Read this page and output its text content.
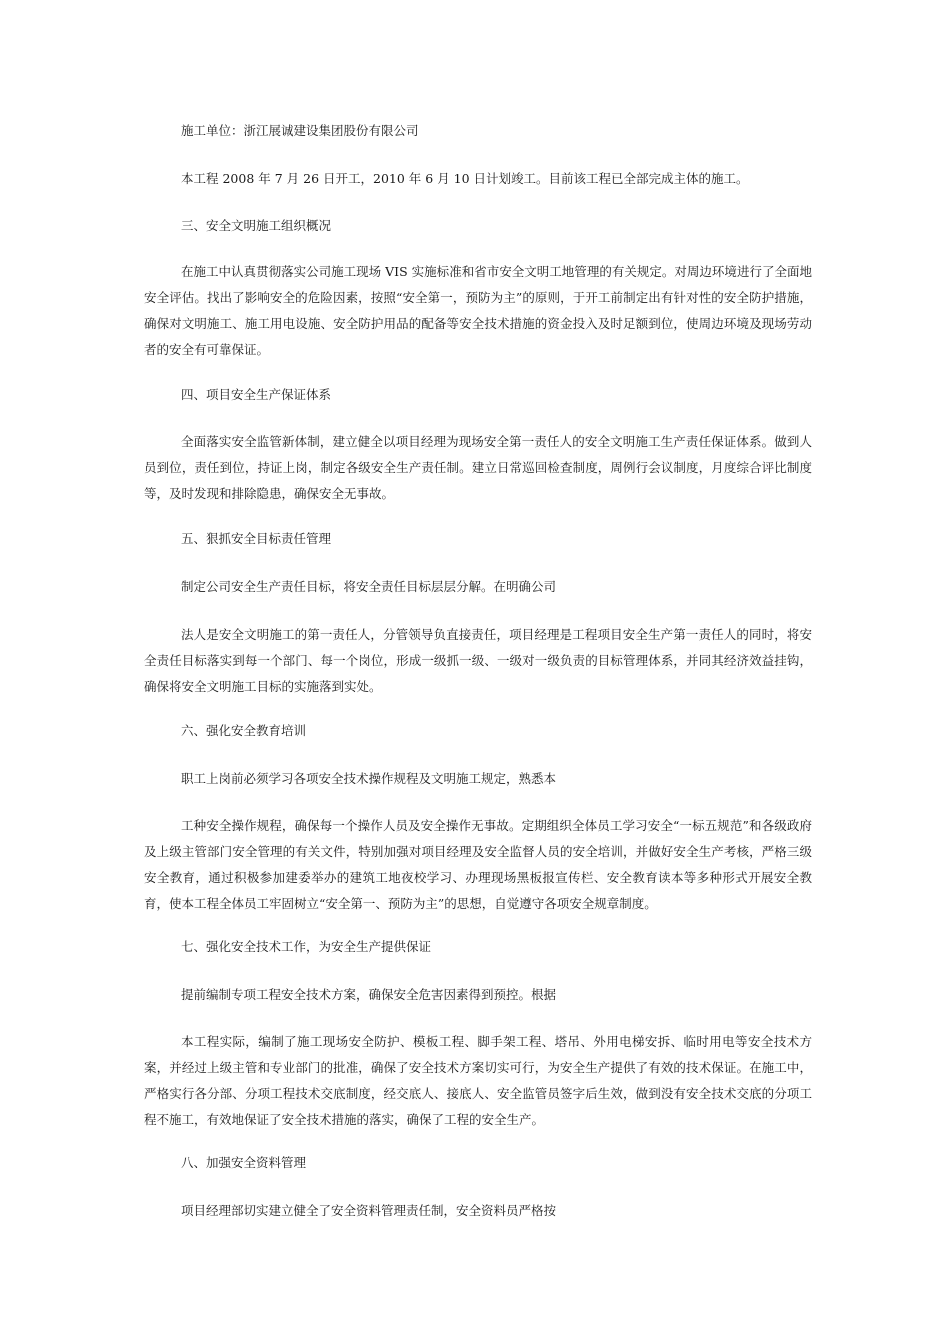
施工单位：浙江展诚建设集团股份有限公司

本工程 2008 年 7 月 26 日开工，2010 年 6 月 10 日计划竣工。目前该工程已全部完成主体的施工。

三、安全文明施工组织概况

在施工中认真贯彻落实公司施工现场 VIS 实施标准和省市安全文明工地管理的有关规定。对周边环境进行了全面地安全评估。找出了影响安全的危险因素，按照“安全第一，预防为主”的原则，于开工前制定出有针对性的安全防护措施，确保对文明施工、施工用电设施、安全防护用品的配备等安全技术措施的资金投入及时足额到位，使周边环境及现场劳动者的安全有可靠保证。

四、项目安全生产保证体系

全面落实安全监管新体制，建立健全以项目经理为现场安全第一责任人的安全文明施工生产责任保证体系。做到人员到位，责任到位，持证上岗，制定各级安全生产责任制。建立日常巡回检查制度，周例行会议制度，月度综合评比制度等，及时发现和排除隐患，确保安全无事故。

五、狠抓安全目标责任管理

制定公司安全生产责任目标，将安全责任目标层层分解。在明确公司

法人是安全文明施工的第一责任人，分管领导负直接责任，项目经理是工程项目安全生产第一责任人的同时，将安全责任目标落实到每一个部门、每一个岗位，形成一级抓一级、一级对一级负责的目标管理体系，并同其经济效益挂钩，确保将安全文明施工目标的实施落到实处。

六、强化安全教育培训

职工上岗前必须学习各项安全技术操作规程及文明施工规定，熟悉本

工种安全操作规程，确保每一个操作人员及安全操作无事故。定期组织全体员工学习安全“一标五规范”和各级政府及上级主管部门安全管理的有关文件，特别加强对项目经理及安全监督人员的安全培训，并做好安全生产考核，严格三级安全教育，通过积极参加建委举办的建筑工地夜校学习、办理现场黑板报宣传栏、安全教育读本等多种形式开展安全教育，使本工程全体员工牢固树立“安全第一、预防为主”的思想，自觉遵守各项安全规章制度。

七、强化安全技术工作，为安全生产提供保证

提前编制专项工程安全技术方案，确保安全危害因素得到预控。根据

本工程实际，编制了施工现场安全防护、模板工程、脚手架工程、塔吊、外用电梯安拆、临时用电等安全技术方案，并经过上级主管和专业部门的批准，确保了安全技术方案切实可行，为安全生产提供了有效的技术保证。在施工中，严格实行各分部、分项工程技术交底制度，经交底人、接底人、安全监管员签字后生效，做到没有安全技术交底的分项工程不施工，有效地保证了安全技术措施的落实，确保了工程的安全生产。

八、加强安全资料管理

项目经理部切实建立健全了安全资料管理责任制，安全资料员严格按
